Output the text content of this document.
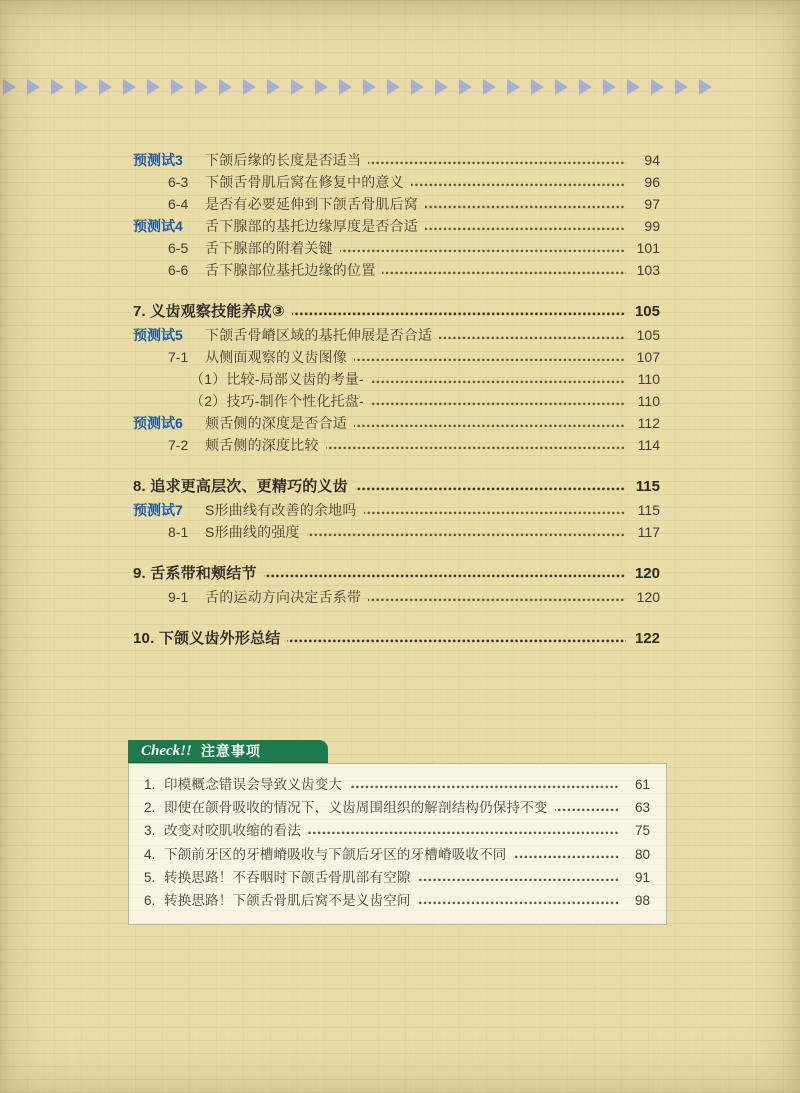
预测试3	下颌后缘的长度是否适当	94
6-3	下颌舌骨肌后窝在修复中的意义	96
6-4	是否有必要延伸到下颌舌骨肌后窝	97
预测试4	舌下腺部的基托边缘厚度是否合适	99
6-5	舌下腺部的附着关键	101
6-6	舌下腺部位基托边缘的位置	103
7. 义齿观察技能养成③	105
预测试5	下颌舌骨嵴区域的基托伸展是否合适	105
7-1	从侧面观察的义齿图像	107
（1）比较-局部义齿的考量-	110
（2）技巧-制作个性化托盘-	110
预测试6	颊舌侧的深度是否合适	112
7-2	颊舌侧的深度比较	114
8. 追求更高层次、更精巧的义齿	115
预测试7	S形曲线有改善的余地吗	115
8-1	S形曲线的强度	117
9. 舌系带和颊结节	120
9-1	舌的运动方向决定舌系带	120
10. 下颌义齿外形总结	122
Check!! 注意事项
1. 印模概念错误会导致义齿变大	61
2. 即使在颌骨吸收的情况下，义齿周围组织的解剖结构仍保持不变	63
3. 改变对咬肌收缩的看法	75
4. 下颌前牙区的牙槽嵴吸收与下颌后牙区的牙槽嵴吸收不同	80
5. 转换思路！不吞咽时下颌舌骨肌部有空隙	91
6. 转换思路！下颌舌骨肌后窝不是义齿空间	98
